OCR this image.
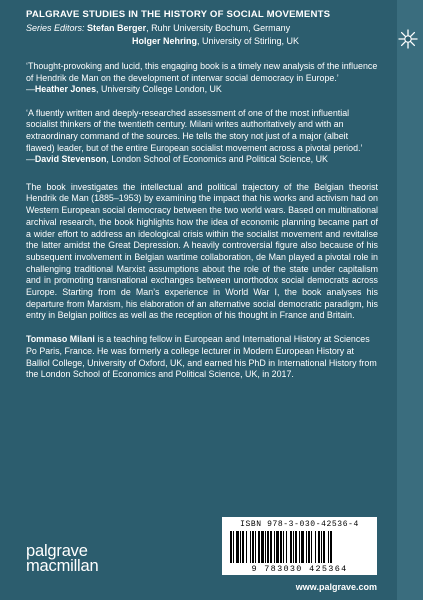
PALGRAVE STUDIES IN THE HISTORY OF SOCIAL MOVEMENTS
Series Editors: Stefan Berger, Ruhr University Bochum, Germany
Holger Nehring, University of Stirling, UK

‘Thought-provoking and lucid, this engaging book is a timely new analysis of the influence of Hendrik de Man on the development of interwar social democracy in Europe.’

—Heather Jones, University College London, UK

‘A fluently written and deeply-researched assessment of one of the most influential socialist thinkers of the twentieth century. Milani writes authoritatively and with an extraordinary command of the sources. He tells the story not just of a major (albeit flawed) leader, but of the entire European socialist movement across a pivotal period.’

—David Stevenson, London School of Economics and Political Science, UK

The book investigates the intellectual and political trajectory of the Belgian theorist Hendrik de Man (1885–1953) by examining the impact that his works and activism had on Western European social democracy between the two world wars. Based on multinational archival research, the book highlights how the idea of economic planning became part of a wider effort to address an ideological crisis within the socialist movement and revitalise the latter amidst the Great Depression. A heavily controversial figure also because of his subsequent involvement in Belgian wartime collaboration, de Man played a pivotal role in challenging traditional Marxist assumptions about the role of the state under capitalism and in promoting transnational exchanges between unorthodox social democrats across Europe. Starting from de Man’s experience in World War I, the book analyses his departure from Marxism, his elaboration of an alternative social democratic paradigm, his entry in Belgian politics as well as the reception of his thought in France and Britain.
Tommaso Milani is a teaching fellow in European and International History at Sciences Po Paris, France. He was formerly a college lecturer in Modern European History at Balliol College, University of Oxford, UK, and earned his PhD in International History from the London School of Economics and Political Science, UK, in 2017.
ISBN 978-3-030-42536-4
9 783030 425364
www.palgrave.com
palgrave
macmillan
